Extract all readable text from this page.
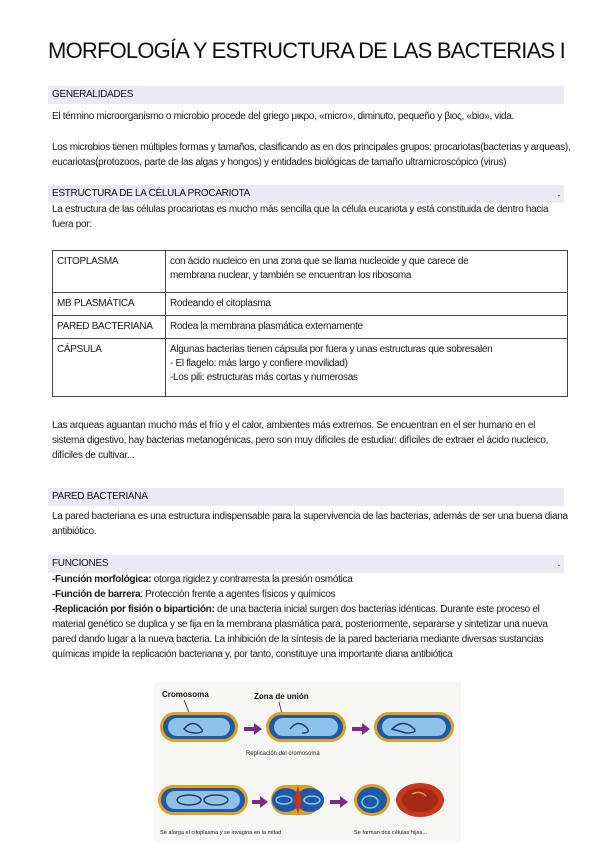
MORFOLOGÍA Y ESTRUCTURA DE LAS BACTERIAS I
GENERALIDADES
El término microorganismo o microbio procede del griego μικρο, «micro», diminuto, pequeño y βιος, «bio», vida.
Los microbios tienen múltiples formas y tamaños, clasificando as en dos principales grupos: procariotas(bacterias y arqueas),
eucariotas(protozoos, parte de las algas y hongos) y entidades biológicas de tamaño ultramicroscópico (virus)
ESTRUCTURA DE LA CÉLULA PROCARIOTA	.
La estructura de las células procariotas es mucho más sencilla que la célula eucariota y está constituida de dentro hacia
fuera por:
CITOPLASMA	con ácido nucleico en una zona que se llama nucleoide y que carece de
membrana nuclear, y también se encuentran los ribosoma

MB PLASMÁTICA	Rodeando el citoplasma

PARED BACTERIANA	Rodea la membrana plasmática externamente

CÁPSULA	Algunas bacterias tienen cápsula por fuera y unas estructuras que sobresalen
- El flagelo: más largo y confiere movilidad)
-Los pili: estructuras más cortas y numerosas
Las arqueas aguantan mucho más el frío y el calor, ambientes más extremos. Se encuentran en el ser humano en el
sistema digestivo, hay bacterias metanogénicas, pero son muy difíciles de estudiar: difíciles de extraer el ácido nucleico,
difíciles de cultivar...
PARED BACTERIANA
La pared bacteriana es una estructura indispensable para la supervivencia de las bacterias, además de ser una buena diana
antibiótico.
FUNCIONES	.
-Función morfológica: otorga rigidez y contrarresta la presión osmótica
-Función de barrera: Protección frente a agentes físicos y químicos
-Replicación por fisión o bipartición: de una bacteria inicial surgen dos bacterias idénticas. Durante este proceso el
material genético se duplica y se fija en la membrana plasmática para, posteriormente, separarse y sintetizar una nueva
pared dando lugar a la nueva bacteria. La inhibición de la síntesis de la pared bacteriana mediante diversas sustancias
químicas impide la replicación bacteriana y, por tanto, constituye una importante diana antibiótica
Cromosoma	Zona de unión
Replicación del cromosoma
Se alarga el citoplasma y se invagina en la mitad	Se forman dos células hijas...
